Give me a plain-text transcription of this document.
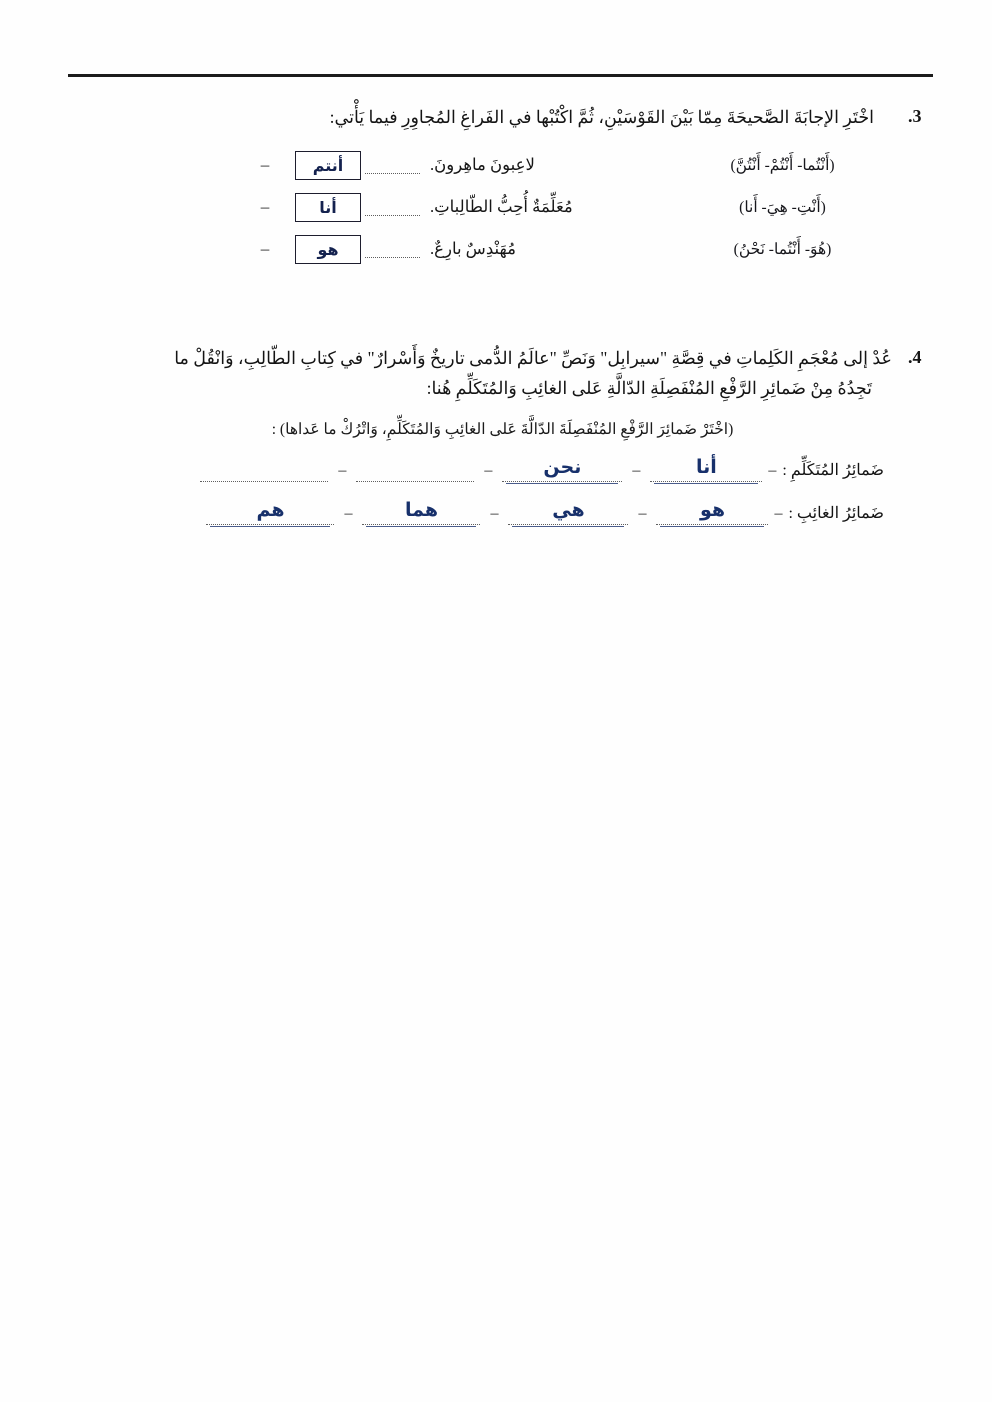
3.
اخْتَرِ الإجابَةَ الصَّحيحَةَ مِمّا بَيْنَ القَوْسَيْنِ، ثُمَّ اكْتُبْها في الفَراغِ المُجاوِرِ فيما يَأْتي:
(أَنْتُما- أَنْتُمْ- أَنْتُنَّ)
لاعِبونَ ماهِرونَ.
أنتم
–
(أَنْتِ- هِيَ- أَنا)
مُعَلِّمَةٌ أُحِبُّ الطّالِباتِ.
أنا
–
(هُوَ- أَنْتُما- نَحْنُ)
مُهَنْدِسٌ بارِعٌ.
هو
–
4.
عُدْ إلى مُعْجَمِ الكَلِماتِ في قِصَّةِ "سيرابِل" وَنَصِّ "عالَمُ الدُّمى تاريخٌ وَأَسْرارٌ" في كِتابِ الطّالِبِ، وَانْقُلْ ما
تَجِدُهُ مِنْ ضَمائِرِ الرَّفْعِ المُنْفَصِلَةِ الدّالَّةِ عَلى الغائِبِ وَالمُتَكَلِّمِ هُنا:
(اخْتَرْ ضَمائِرَ الرَّفْعِ المُنْفَصِلَةَ الدّالَّةَ عَلى الغائِبِ وَالمُتَكَلِّمِ، وَاتْرُكْ ما عَداها) :
ضَمائِرُ المُتَكَلِّمِ :
–
أنا
–
نحن
–
–
ضَمائِرُ الغائِبِ :
–
هو
–
هي
–
هما
–
هم
